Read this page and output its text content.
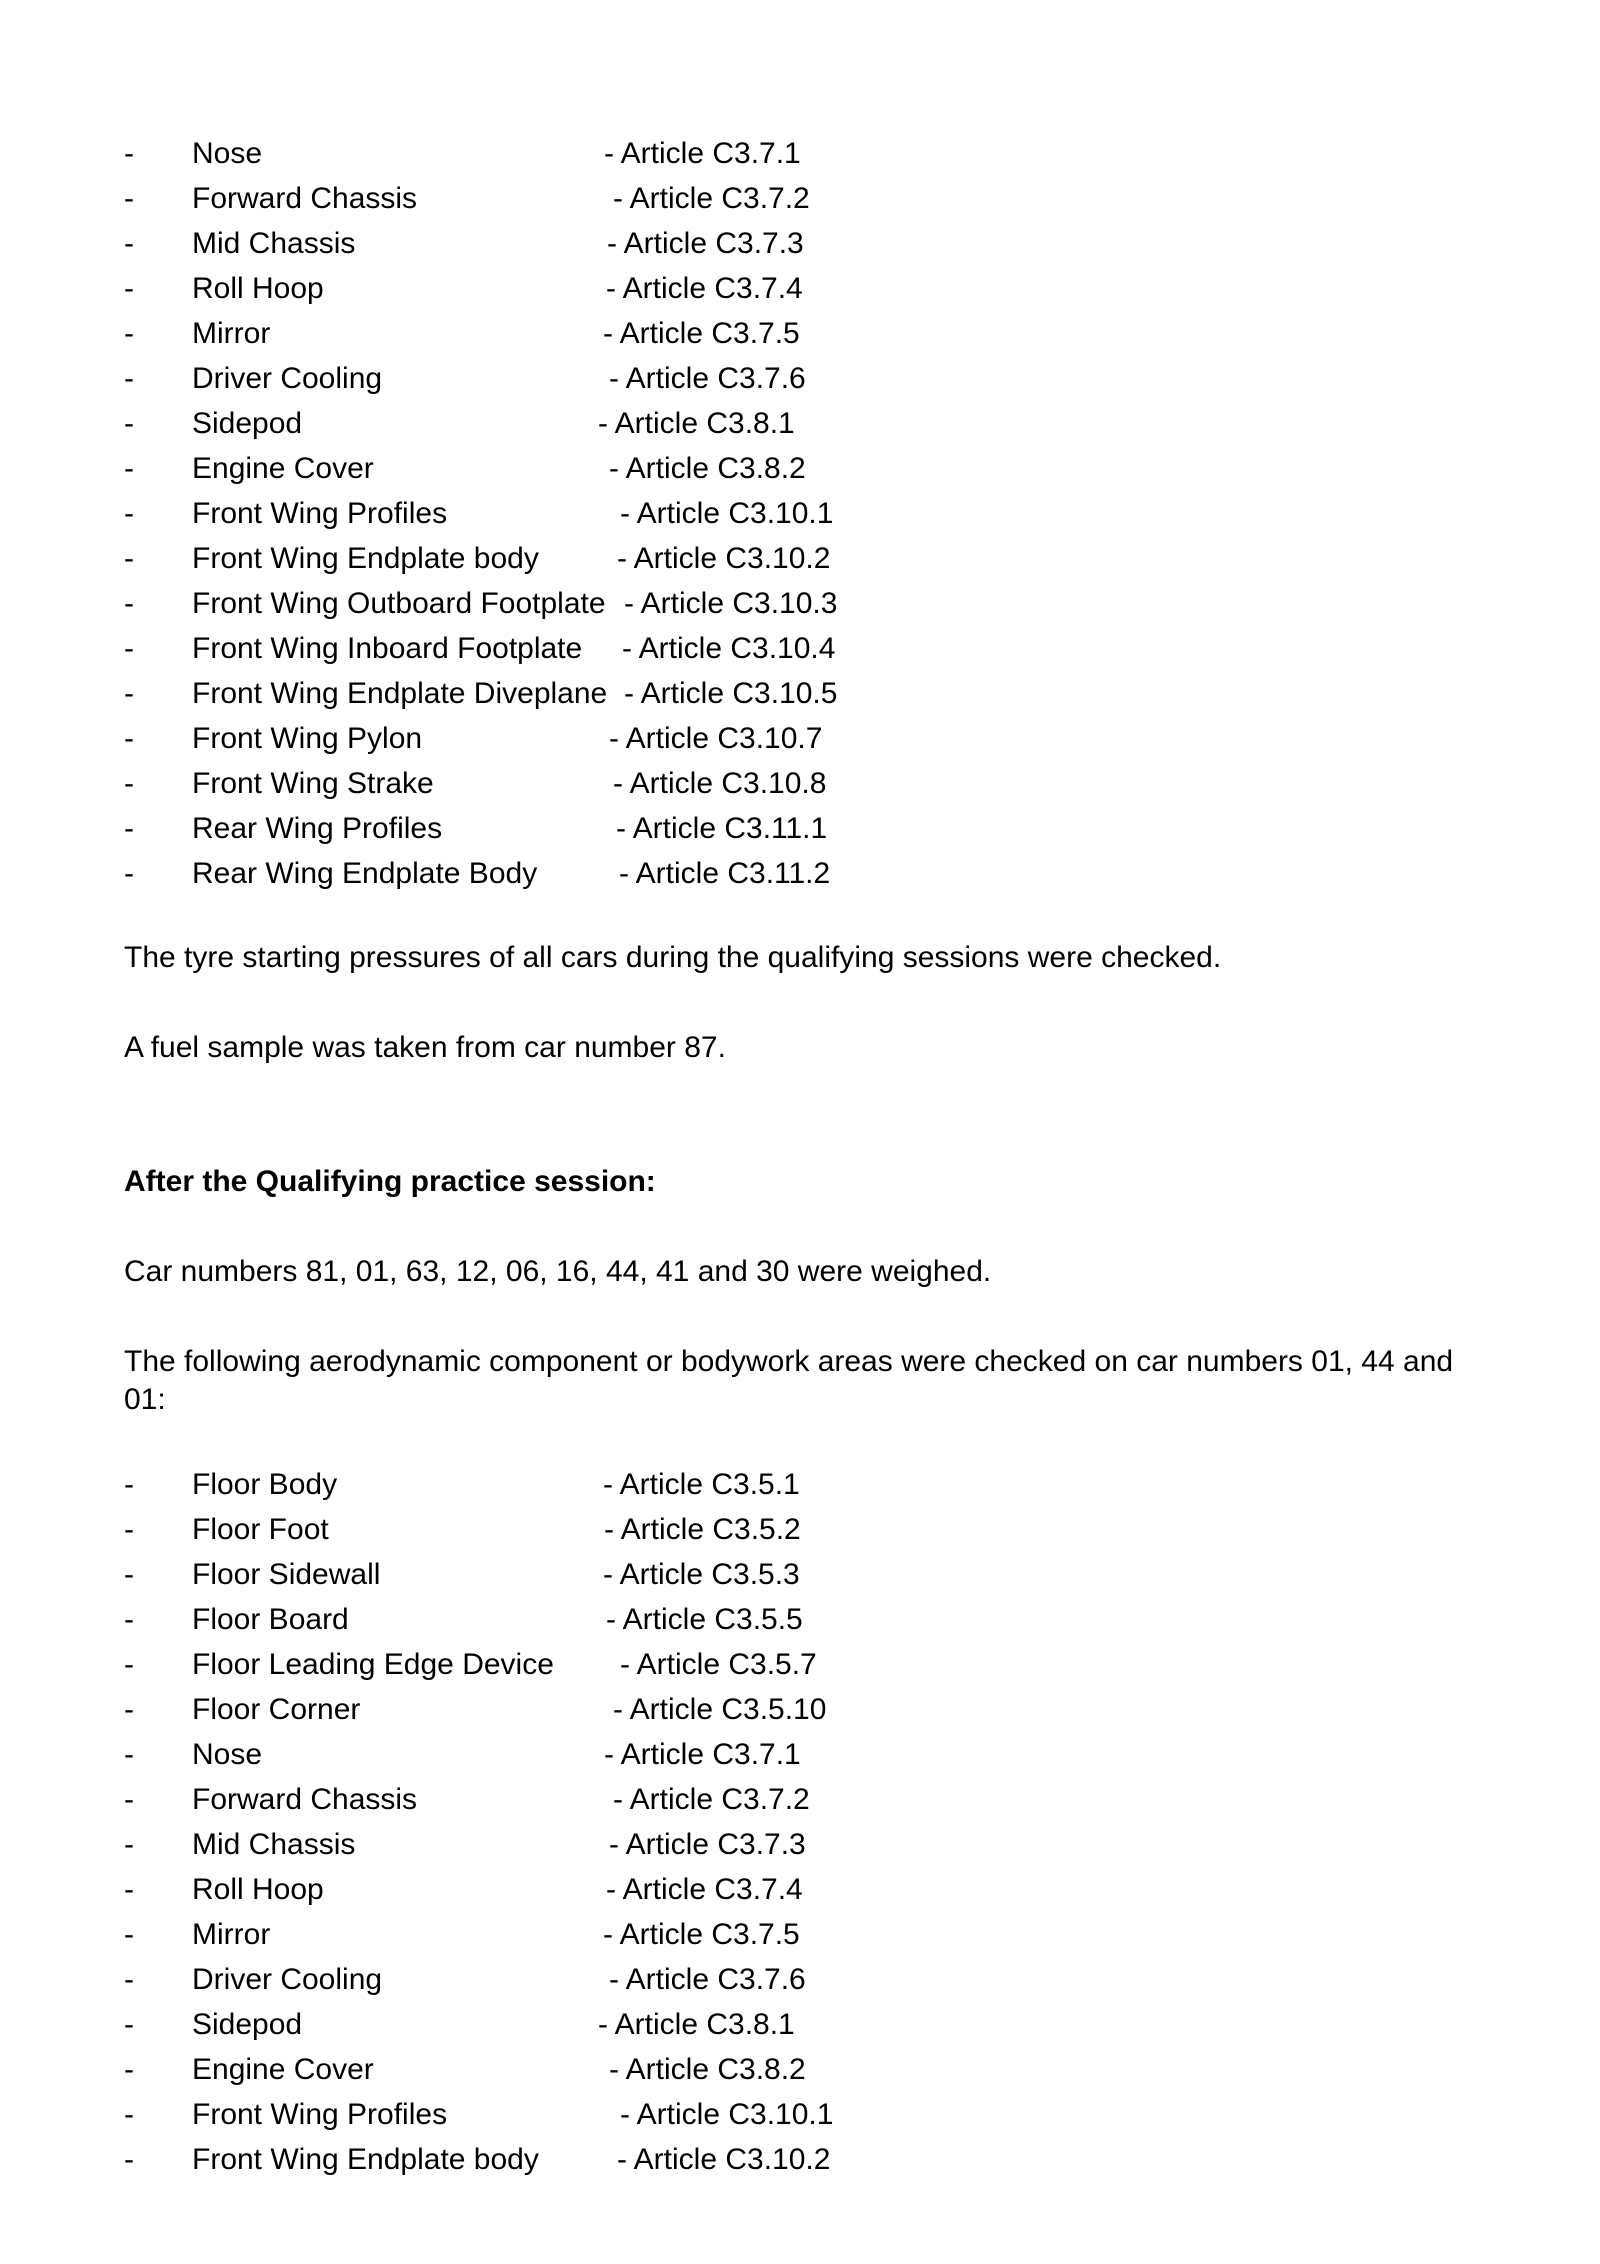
- Nose	- Article C3.7.1
- Forward Chassis	- Article C3.7.2
- Mid Chassis	- Article C3.7.3
- Roll Hoop	- Article C3.7.4
- Mirror	- Article C3.7.5
- Driver Cooling	- Article C3.7.6
- Sidepod	- Article C3.8.1
- Engine Cover	- Article C3.8.2
- Front Wing Profiles	- Article C3.10.1
- Front Wing Endplate body	- Article C3.10.2
- Front Wing Outboard Footplate - Article C3.10.3
- Front Wing Inboard Footplate - Article C3.10.4
- Front Wing Endplate Diveplane - Article C3.10.5
- Front Wing Pylon	- Article C3.10.7
- Front Wing Strake	- Article C3.10.8
- Rear Wing Profiles	- Article C3.11.1
- Rear Wing Endplate Body	- Article C3.11.2
The tyre starting pressures of all cars during the qualifying sessions were checked.
A fuel sample was taken from car number 87.
After the Qualifying practice session:
Car numbers 81, 01, 63, 12, 06, 16, 44, 41 and 30 were weighed.
The following aerodynamic component or bodywork areas were checked on car numbers 01, 44 and 01:
- Floor Body	- Article C3.5.1
- Floor Foot	- Article C3.5.2
- Floor Sidewall	- Article C3.5.3
- Floor Board	- Article C3.5.5
- Floor Leading Edge Device - Article C3.5.7
- Floor Corner	- Article C3.5.10
- Nose	- Article C3.7.1
- Forward Chassis	- Article C3.7.2
- Mid Chassis	- Article C3.7.3
- Roll Hoop	- Article C3.7.4
- Mirror	- Article C3.7.5
- Driver Cooling	- Article C3.7.6
- Sidepod	- Article C3.8.1
- Engine Cover	- Article C3.8.2
- Front Wing Profiles	- Article C3.10.1
- Front Wing Endplate body	- Article C3.10.2
